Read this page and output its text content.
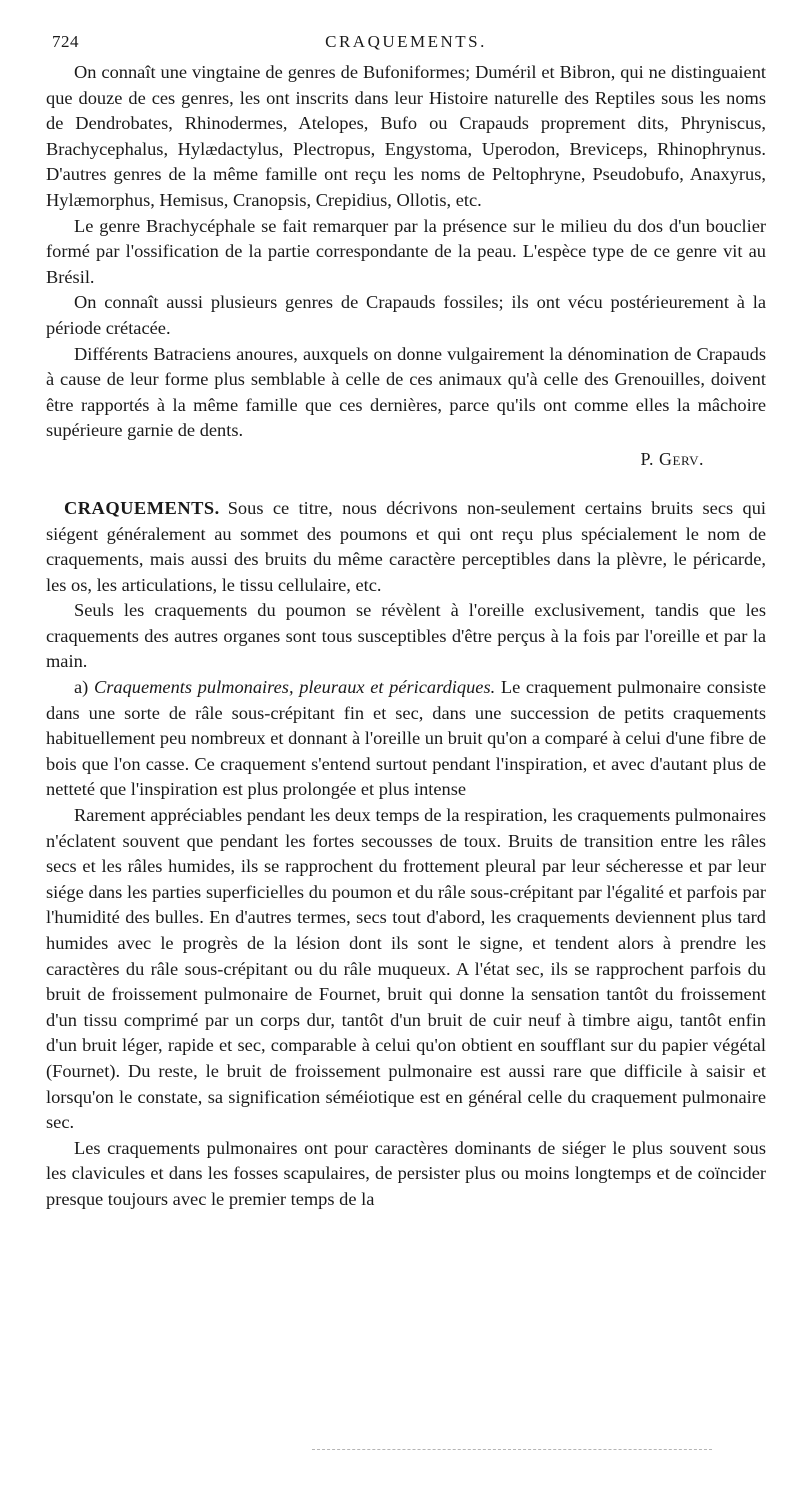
724	CRAQUEMENTS.

On connaît une vingtaine de genres de Bufoniformes; Duméril et Bibron, qui ne distinguaient que douze de ces genres, les ont inscrits dans leur Histoire naturelle des Reptiles sous les noms de Dendrobates, Rhinodermes, Atelopes, Bufo ou Crapauds proprement dits, Phryniscus, Brachycephalus, Hylædactylus, Plectropus, Engystoma, Uperodon, Breviceps, Rhinophrynus. D'autres genres de la même famille ont reçu les noms de Peltophryne, Pseudobufo, Anaxyrus, Hylæmorphus, Hemisus, Cranopsis, Crepidius, Ollotis, etc.

Le genre Brachycéphale se fait remarquer par la présence sur le milieu du dos d'un bouclier formé par l'ossification de la partie correspondante de la peau. L'espèce type de ce genre vit au Brésil.

On connaît aussi plusieurs genres de Crapauds fossiles; ils ont vécu postérieurement à la période crétacée.

Différents Batraciens anoures, auxquels on donne vulgairement la dénomination de Crapauds à cause de leur forme plus semblable à celle de ces animaux qu'à celle des Grenouilles, doivent être rapportés à la même famille que ces dernières, parce qu'ils ont comme elles la mâchoire supérieure garnie de dents.

P. Gerv.

CRAQUEMENTS. Sous ce titre, nous décrivons non-seulement certains bruits secs qui siégent généralement au sommet des poumons et qui ont reçu plus spécialement le nom de craquements, mais aussi des bruits du même caractère perceptibles dans la plèvre, le péricarde, les os, les articulations, le tissu cellulaire, etc.

Seuls les craquements du poumon se révèlent à l'oreille exclusivement, tandis que les craquements des autres organes sont tous susceptibles d'être perçus à la fois par l'oreille et par la main.

a) Craquements pulmonaires, pleuraux et péricardiques. Le craquement pulmonaire consiste dans une sorte de râle sous-crépitant fin et sec, dans une succession de petits craquements habituellement peu nombreux et donnant à l'oreille un bruit qu'on a comparé à celui d'une fibre de bois que l'on casse. Ce craquement s'entend surtout pendant l'inspiration, et avec d'autant plus de netteté que l'inspiration est plus prolongée et plus intense

Rarement appréciables pendant les deux temps de la respiration, les craquements pulmonaires n'éclatent souvent que pendant les fortes secousses de toux. Bruits de transition entre les râles secs et les râles humides, ils se rapprochent du frottement pleural par leur sécheresse et par leur siége dans les parties superficielles du poumon et du râle sous-crépitant par l'égalité et parfois par l'humidité des bulles. En d'autres termes, secs tout d'abord, les craquements deviennent plus tard humides avec le progrès de la lésion dont ils sont le signe, et tendent alors à prendre les caractères du râle sous-crépitant ou du râle muqueux. A l'état sec, ils se rapprochent parfois du bruit de froissement pulmonaire de Fournet, bruit qui donne la sensation tantôt du froissement d'un tissu comprimé par un corps dur, tantôt d'un bruit de cuir neuf à timbre aigu, tantôt enfin d'un bruit léger, rapide et sec, comparable à celui qu'on obtient en soufflant sur du papier végétal (Fournet). Du reste, le bruit de froissement pulmonaire est aussi rare que difficile à saisir et lorsqu'on le constate, sa signification séméiotique est en général celle du craquement pulmonaire sec.

Les craquements pulmonaires ont pour caractères dominants de siéger le plus souvent sous les clavicules et dans les fosses scapulaires, de persister plus ou moins longtemps et de coïncider presque toujours avec le premier temps de la
